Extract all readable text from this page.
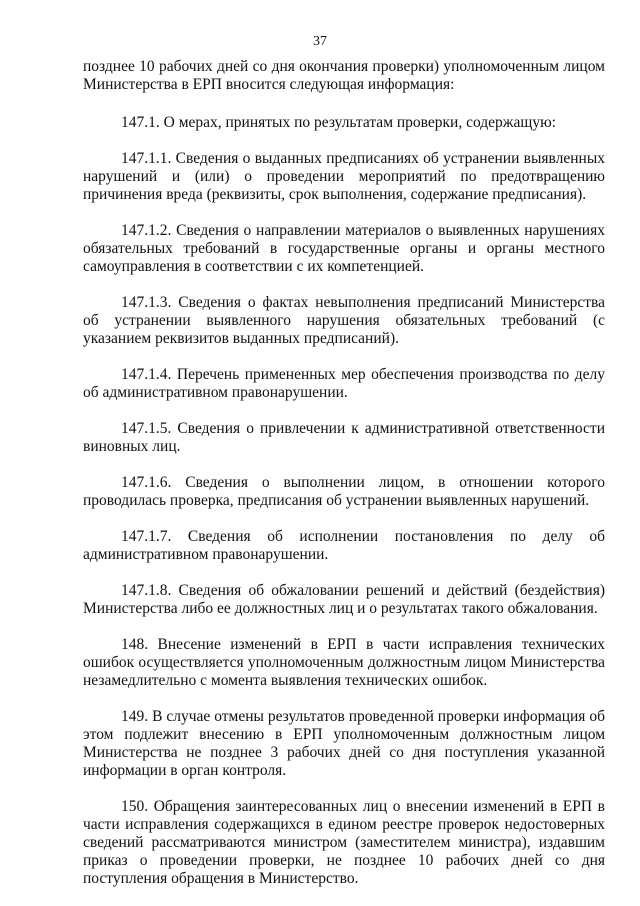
37

позднее 10 рабочих дней со дня окончания проверки) уполномоченным лицом Министерства в ЕРП вносится следующая информация:

147.1. О мерах, принятых по результатам проверки, содержащую:

147.1.1. Сведения о выданных предписаниях об устранении выявленных нарушений и (или) о проведении мероприятий по предотвращению причинения вреда (реквизиты, срок выполнения, содержание предписания).

147.1.2. Сведения о направлении материалов о выявленных нарушениях обязательных требований в государственные органы и органы местного самоуправления в соответствии с их компетенцией.

147.1.3. Сведения о фактах невыполнения предписаний Министерства об устранении выявленного нарушения обязательных требований (с указанием реквизитов выданных предписаний).

147.1.4. Перечень примененных мер обеспечения производства по делу об административном правонарушении.

147.1.5. Сведения о привлечении к административной ответственности виновных лиц.

147.1.6. Сведения о выполнении лицом, в отношении которого проводилась проверка, предписания об устранении выявленных нарушений.

147.1.7. Сведения об исполнении постановления по делу об административном правонарушении.

147.1.8. Сведения об обжаловании решений и действий (бездействия) Министерства либо ее должностных лиц и о результатах такого обжалования.

148. Внесение изменений в ЕРП в части исправления технических ошибок осуществляется уполномоченным должностным лицом Министерства незамедлительно с момента выявления технических ошибок.

149. В случае отмены результатов проведенной проверки информация об этом подлежит внесению в ЕРП уполномоченным должностным лицом Министерства не позднее 3 рабочих дней со дня поступления указанной информации в орган контроля.

150. Обращения заинтересованных лиц о внесении изменений в ЕРП в части исправления содержащихся в едином реестре проверок недостоверных сведений рассматриваются министром (заместителем министра), издавшим приказ о проведении проверки, не позднее 10 рабочих дней со дня поступления обращения в Министерство.
